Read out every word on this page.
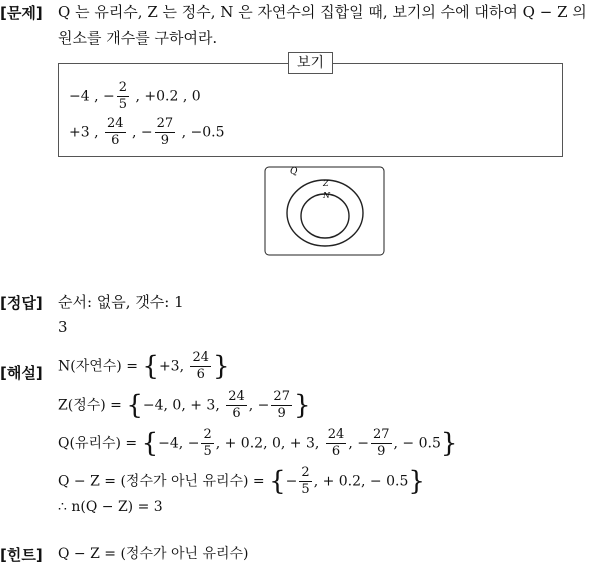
[문제] Q 는 유리수, Z 는 정수, N 은 자연수의 집합일 때, 보기의 수에 대하여 Q − Z 의
원소를 개수를 구하여라.
보기
−4 , − $\frac{2}{5}$ , +0.2 , 0
+3 , $\frac{24}{6}$ , − $\frac{27}{9}$ , −0.5
Q
Z
N
[정답] 순서: 없음, 갯수: 1
3
[해설] N(자연수) = {+3, $\frac{24}{6}$ }
Z(정수) = {−4, 0, + 3, $\frac{24}{6}$ , − $\frac{27}{9}$ }
Q(유리수) = {−4, − $\frac{2}{5}$ , + 0.2, 0, + 3, $\frac{24}{6}$ , − $\frac{27}{9}$ , − 0.5}
Q − Z = (정수가 아닌 유리수) = {− $\frac{2}{5}$ , + 0.2, − 0.5}
∴ n(Q − Z) = 3
[힌트] Q − Z = (정수가 아닌 유리수)
